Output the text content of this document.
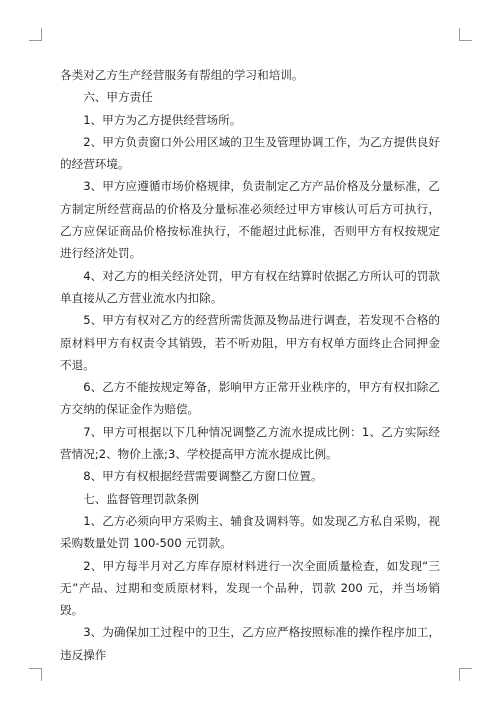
各类对乙方生产经营服务有帮组的学习和培训。

六、甲方责任

1、甲方为乙方提供经营场所。

2、甲方负责窗口外公用区域的卫生及管理协调工作，为乙方提供良好的经营环境。

3、甲方应遵循市场价格规律，负责制定乙方产品价格及分量标准，乙方制定所经营商品的价格及分量标准必须经过甲方审核认可后方可执行，乙方应保证商品价格按标准执行，不能超过此标准，否则甲方有权按规定进行经济处罚。

4、对乙方的相关经济处罚，甲方有权在结算时依据乙方所认可的罚款单直接从乙方营业流水内扣除。

5、甲方有权对乙方的经营所需货源及物品进行调查，若发现不合格的原材料甲方有权责令其销毁，若不听劝阻，甲方有权单方面终止合同押金不退。

6、乙方不能按规定筹备，影响甲方正常开业秩序的，甲方有权扣除乙方交纳的保证金作为赔偿。

7、甲方可根据以下几种情况调整乙方流水提成比例：1、乙方实际经营情况;2、物价上涨;3、学校提高甲方流水提成比例。

8、甲方有权根据经营需要调整乙方窗口位置。

七、监督管理罚款条例

1、乙方必须向甲方采购主、辅食及调料等。如发现乙方私自采购，视采购数量处罚 100-500 元罚款。

2、甲方每半月对乙方库存原材料进行一次全面质量检查，如发现“三无”产品、过期和变质原材料，发现一个品种，罚款 200 元，并当场销毁。

3、为确保加工过程中的卫生，乙方应严格按照标准的操作程序加工，违反操作
